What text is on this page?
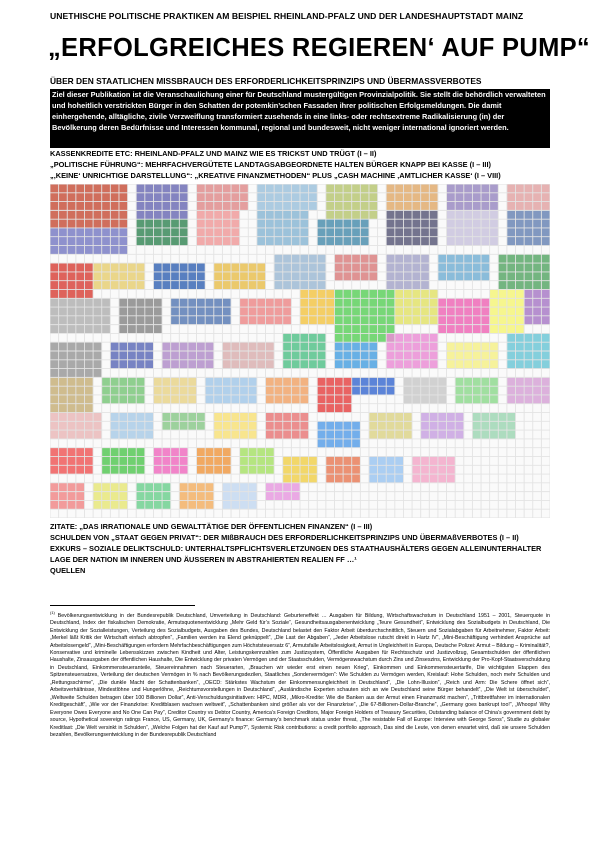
UNETHISCHE POLITISCHE PRAKTIKEN AM BEISPIEL RHEINLAND-PFALZ UND DER LANDESHAUPTSTADT MAINZ
„ERFOLGREICHES REGIEREN‘ AUF PUMP“
ÜBER DEN STAATLICHEN MISSBRAUCH DES ERFORDERLICHKEITSPRINZIPS UND ÜBERMASSVERBOTES
Ziel dieser Publikation ist die Veranschaulichung einer für Deutschland mustergültigen Provinzialpolitik. Sie stellt die behördlich verwalteten und hoheitlich verstrickten Bürger in den Schatten der potemkin’schen Fassaden ihrer politischen Erfolgsmeldungen. Die damit einhergehende, alltägliche, zivile Verzweiflung transformiert zusehends in eine links- oder rechtsextreme Radikalisierung (in) der Bevölkerung deren Bedürfnisse und Interessen kommunal, regional und bundesweit, nicht weniger international ignoriert werden.
KASSENKREDITE ETC: RHEINLAND-PFALZ UND MAINZ WIE ES TRICKST UND TRÜGT (I – II)
„POLITISCHE FÜHRUNG“: MEHRFACHVERGÜTETE LANDTAGSABGEORDNETE HALTEN BÜRGER KNAPP BEI KASSE (I – III)
„‚KEINE‘ UNRICHTIGE DARSTELLUNG“: „KREATIVE FINANZMETHODEN“ PLUS „CASH MACHINE ‚AMTLICHER KASSE‘ (I – VIII)
ZITATE: „DAS IRRATIONALE UND GEWALTTÄTIGE DER ÖFFENTLICHEN FINANZEN“ (I – III)
SCHULDEN VON „STAAT GEGEN PRIVAT“: DER MIßBRAUCH DES ERFORDERLICHKEITSPRINZIPS UND ÜBERMAßVERBOTES (I – II)
EXKURS – SOZIALE DELIKTSCHULD: UNTERHALTSPFLICHTSVERLETZUNGEN DES STAATHAUSHÄLTERS GEGEN ALLEINUNTERHALTER LAGE DER NATION IM INNEREN UND ÄUSSEREN IN ABSTRAHIERTEN REALIEN FF …¹
QUELLEN
$^{(1)}$ Bevölkerungsentwicklung in der Bundesrepublik Deutschland, Umverteilung in Deutschland: Geburteneffekt … Ausgaben für Bildung, Wirtschaftswachstum in Deutschland 1951 – 2001, Steuerquote in Deutschland, Index der fiskalischen Demokratie, Armutsquotenentwicklung „Mehr Geld für’s Soziale“, Gesundheitsausgabenentwicklung „Teure Gesundheit“, Entwicklung des Sozialbudgets in Deutschland, Die Entwicklung der Sozialleistungen, Verteilung des Sozialbudgets, Ausgaben des Bundes, Deutschland belastet den Faktor Arbeit überdurchschnittlich, Steuern und Sozialabgaben für Arbeitnehmer, Faktor Arbeit: „Merkel läßt Kritik der Wirtschaft einfach abtropfen“, „Familien werden ins Elend geknüppelt“, „Die Last der Abgaben“, „Jeder Arbeitslose rutscht direkt in Hartz IV“, „Mini-Beschäftigung verhindert Ansprüche auf Arbeitslosengeld“, „Mini-Beschäftigungen erfordern Mehrfachbeschäftigungen zum Höchststeuersatz 6“, Armutsfalle Arbeitslosigkeit, Armut in Ungleichheit in Europa, Deutsche Polizei: Armut – Bildung – Kriminalität?, Konservative und kriminelle Lebensskizzen zwischen Kindheit und Alter, Leistungskennzahlen zum Justizsystem, Öffentliche Ausgaben für Rechtsschutz und Justizvollzug, Gesamtschulden der öffentlichen Haushalte, Zinsausgaben der öffentlichen Haushalte, Die Entwicklung der privaten Vermögen und der Staatsschulden, Vermögenswachstum durch Zins und Zinseszins, Entwicklung der Pro-Kopf-Staatsverschuldung in Deutschland, Einkommensteueranteile, Steuereinnahmen nach Steuerarten, „Brauchen wir wieder erst einen neuen Krieg“, Einkommen und Einkommensteuertarife, Die wichtigsten Etappen des Spitzensteuersatzes, Verteilung der deutschen Vermögen in % nach Bevölkerungsdezilen, Staatliches „Sondervermögen“: Wie Schulden zu Vermögen werden, Kreislauf: Hohe Schulden, noch mehr Schulden und „Rettungsschirme“, „Die dunkle Macht der Schattenbanken“, „OECD: Stärkstes Wachstum der Einkommensungleichheit in Deutschland“, „Die Lohn-Illusion“, „Reich und Arm: Die Schere öffnet sich“, Arbeitsverhältnisse, Mindestlöhne und Hungerlöhne, „Reichtumsvorstellungen in Deutschland“, „Ausländische Experten schauten sich an wie Deutschland seine Bürger behandelt“, „Die Welt ist überschuldet“, „Weltweite Schulden betragen über 100 Billionen Dollar“, Anti-Verschuldungsinitiativen: HIPC, MDRI, „Mikro-Kredite: Wie die Banken aus der Armut einen Finanzmarkt machen“, „Trittbrettfahrer im internationalen Kreditgeschäft“, „Wie vor der Finanzkrise: Kreditblasen wachsen weltweit“, „Schattenbanken sind größer als vor der Finanzkrise“, „Die 67-Billionen-Dollar-Branche“, „Germany goes bankrupt too!“, „Whoops! Why Everyone Owes Everyone and No One Can Pay“, Creditor Country vs Debtor Country, America’s Foreign Creditors, Major Foreign Holders of Treasury Securities, Outstanding balance of China’s government debt by source, Hypothetical sovereign ratings France, US, Germany, UK, Germany’s finance: Germany’s benchmark status under threat, „The resistable Fall of Europe: Interview with George Soros“, Studie zu globaler Kreditlast: „Die Welt versinkt in Schulden“, „Welche Folgen hat der Kauf auf Pump?“, Systemic Risk contributions: a credit portfolio approach, Das sind die Leute, von denen erwartet wird, daß sie unsere Schulden bezahlen, Bevölkerungsentwicklung in der Bundesrepublik Deutschland
